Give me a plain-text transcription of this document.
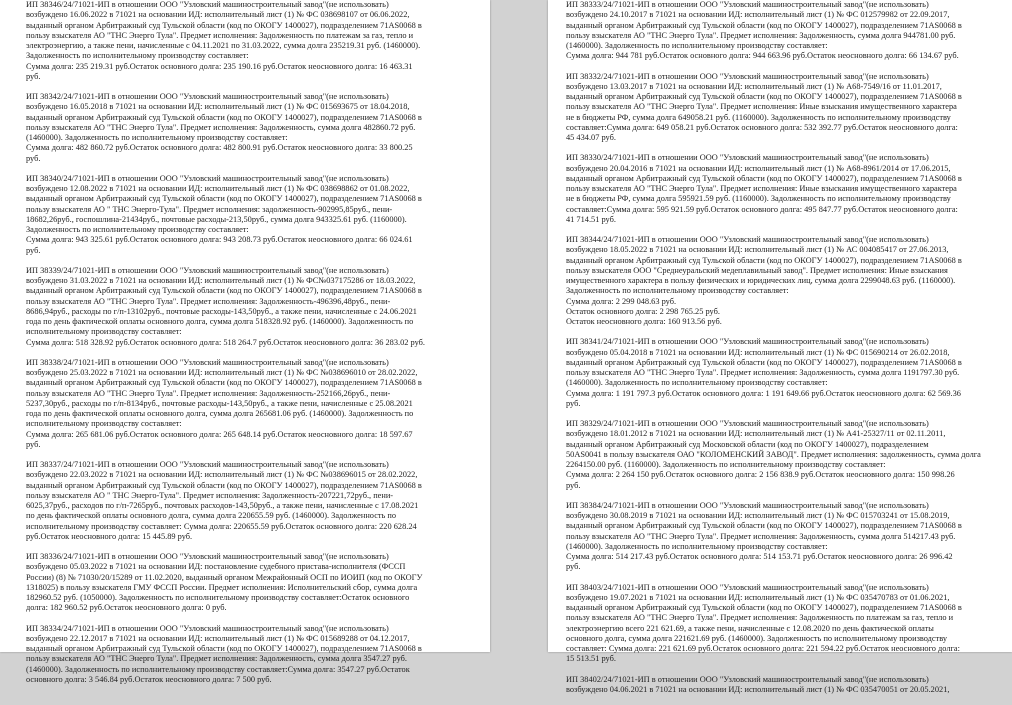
ИП 38346/24/71021-ИП в отношении ООО "Узловский машиностроительный завод"(не использовать)
возбуждено 16.06.2022 в 71021 на основании ИД: исполнительный лист (1) № ФС 038698107 от 06.06.2022,
выданный органом Арбитражный суд Тульской области (код по ОКОГУ 1400027), подразделением 71AS0068 в
пользу взыскателя АО "ТНС Энерго Тула". Предмет исполнения: Задолженность по платежам за газ, тепло и
электроэнергию, а также пени, начисленные с 04.11.2021 по 31.03.2022, сумма долга 235219.31 руб. (1460000).
Задолженность по исполнительному производству составляет:
Сумма долга: 235 219.31 руб.Остаток основного долга: 235 190.16 руб.Остаток неосновного долга: 16 463.31
руб.
ИП 38342/24/71021-ИП в отношении ООО "Узловский машиностроительный завод"(не использовать)
возбуждено 16.05.2018 в 71021 на основании ИД: исполнительный лист (1) № ФС 015693675 от 18.04.2018,
выданный органом Арбитражный суд Тульской области (код по ОКОГУ 1400027), подразделением 71AS0068 в
пользу взыскателя АО "ТНС Энерго Тула". Предмет исполнения: Задолженность, сумма долга 482860.72 руб.
(1460000). Задолженность по исполнительному производству составляет:
Сумма долга: 482 860.72 руб.Остаток основного долга: 482 800.91 руб.Остаток неосновного долга: 33 800.25
руб.
ИП 38340/24/71021-ИП в отношении ООО "Узловский машиностроительный завод"(не использовать)
возбуждено 12.08.2022 в 71021 на основании ИД: исполнительный лист (1) № ФС 038698862 от 01.08.2022,
выданный органом Арбитражный суд Тульской области (код по ОКОГУ 1400027), подразделением 71AS0068 в
пользу взыскателя АО " ТНС Энерго-Тула". Предмет исполнения: задолженность-902995,85руб., пени-
18682,26руб., госпошлина-21434руб., почтовые расходы-213,50руб., сумма долга 943325.61 руб. (1160000).
Задолженность по исполнительному производству составляет:
Сумма долга: 943 325.61 руб.Остаток основного долга: 943 208.73 руб.Остаток неосновного долга: 66 024.61
руб.
ИП 38339/24/71021-ИП в отношении ООО "Узловский машиностроительный завод"(не использовать)
возбуждено 31.03.2022 в 71021 на основании ИД: исполнительный лист (1) № ФС№037175286 от 18.03.2022,
выданный органом Арбитражный суд Тульской области (код по ОКОГУ 1400027), подразделением 71AS0068 в
пользу взыскателя АО "ТНС Энерго Тула". Предмет исполнения: Задолженность-496396,48руб., пени-
8686,94руб., расходы по г/п-13102руб., почтовые расходы-143,50руб., а также пени, начисленные с 24.06.2021
года по день фактической оплаты основного долга, сумма долга 518328.92 руб. (1460000). Задолженность по
исполнительному производству составляет:
Сумма долга: 518 328.92 руб.Остаток основного долга: 518 264.7 руб.Остаток неосновного долга: 36 283.02 руб.
ИП 38338/24/71021-ИП в отношении ООО "Узловский машиностроительный завод"(не использовать)
возбуждено 25.03.2022 в 71021 на основании ИД: исполнительный лист (1) № ФС №038696010 от 28.02.2022,
выданный органом Арбитражный суд Тульской области (код по ОКОГУ 1400027), подразделением 71AS0068 в
пользу взыскателя АО "ТНС Энерго Тула". Предмет исполнения: Задолженность-252166,26руб., пени-
5237,30руб., расходы по г/п-8134руб., почтовые расходы-143,50руб., а также пени, начисленные с 25.08.2021
года по день фактической оплаты основного долга, сумма долга 265681.06 руб. (1460000). Задолженность по
исполнительному производству составляет:
Сумма долга: 265 681.06 руб.Остаток основного долга: 265 648.14 руб.Остаток неосновного долга: 18 597.67
руб.
ИП 38337/24/71021-ИП в отношении ООО "Узловский машиностроительный завод"(не использовать)
возбуждено 22.03.2022 в 71021 на основании ИД: исполнительный лист (1) № ФС №038696015 от 28.02.2022,
выданный органом Арбитражный суд Тульской области (код по ОКОГУ 1400027), подразделением 71AS0068 в
пользу взыскателя АО " ТНС Энерго-Тула". Предмет исполнения: Задолженность-207221,72руб., пени-
6025,37руб., расходов по г/п-7265руб., почтовых расходов-143,50руб., а также пени, начисленные с 17.08.2021
по день фактической оплаты основного долга, сумма долга 220655.59 руб. (1460000). Задолженность по
исполнительному производству составляет: Сумма долга: 220655.59 руб.Остаток основного долга: 220 628.24
руб.Остаток неосновного долга: 15 445.89 руб.
ИП 38336/24/71021-ИП в отношении ООО "Узловский машиностроительный завод"(не использовать)
возбуждено 05.03.2022 в 71021 на основании ИД: постановление судебного пристава-исполнителя (ФССП
России) (8) № 71030/20/15289 от 11.02.2020, выданный органом Межрайонный ОСП по ИОИП (код по ОКОГУ
1318025) в пользу взыскателя ГМУ ФССП России. Предмет исполнения: Исполнительский сбор, сумма долга
182960.52 руб. (1050000). Задолженность по исполнительному производству составляет:Остаток основного
долга: 182 960.52 руб.Остаток неосновного долга: 0 руб.
ИП 38334/24/71021-ИП в отношении ООО "Узловский машиностроительный завод"(не использовать)
возбуждено 22.12.2017 в 71021 на основании ИД: исполнительный лист (1) № ФС 015689288 от 04.12.2017,
выданный органом Арбитражный суд Тульской области (код по ОКОГУ 1400027), подразделением 71AS0068 в
пользу взыскателя АО "ТНС Энерго Тула". Предмет исполнения: Задолженность, сумма долга 3547.27 руб.
(1460000). Задолженность по исполнительному производству составляет:Сумма долга: 3547.27 руб.Остаток
основного долга: 3 546.84 руб.Остаток неосновного долга: 7 500 руб.
ИП 38333/24/71021-ИП в отношении ООО "Узловский машиностроительный завод"(не использовать)
возбуждено 24.10.2017 в 71021 на основании ИД: исполнительный лист (1) № ФС 012579982 от 22.09.2017,
выданный органом Арбитражный суд Тульской области (код по ОКОГУ 1400027), подразделением 71AS0068 в
пользу взыскателя АО "ТНС Энерго Тула". Предмет исполнения: Задолженность, сумма долга 944781.00 руб.
(1460000). Задолженность по исполнительному производству составляет:
Сумма долга: 944 781 руб.Остаток основного долга: 944 663.96 руб.Остаток неосновного долга: 66 134.67 руб.
ИП 38332/24/71021-ИП в отношении ООО "Узловский машиностроительный завод"(не использовать)
возбуждено 13.03.2017 в 71021 на основании ИД: исполнительный лист (1) № А68-7549/16 от 11.01.2017,
выданный органом Арбитражный суд Тульской области (код по ОКОГУ 1400027), подразделением 71AS0068 в
пользу взыскателя АО "ТНС Энерго Тула". Предмет исполнения: Иные взыскания имущественного характера
не в бюджеты РФ, сумма долга 649058.21 руб. (1160000). Задолженность по исполнительному производству
составляет:Сумма долга: 649 058.21 руб.Остаток основного долга: 532 392.77 руб.Остаток неосновного долга:
45 434.07 руб.
ИП 38330/24/71021-ИП в отношении ООО "Узловский машиностроительный завод"(не использовать)
возбуждено 20.04.2016 в 71021 на основании ИД: исполнительный лист (1) № А68-8961/2014 от 17.06.2015,
выданный органом Арбитражный суд Тульской области (код по ОКОГУ 1400027), подразделением 71AS0068 в
пользу взыскателя АО "ТНС Энерго Тула". Предмет исполнения: Иные взыскания имущественного характера
не в бюджеты РФ, сумма долга 595921.59 руб. (1160000). Задолженность по исполнительному производству
составляет:Сумма долга: 595 921.59 руб.Остаток основного долга: 495 847.77 руб.Остаток неосновного долга:
41 714.51 руб.
ИП 38344/24/71021-ИП в отношении ООО "Узловский машиностроительный завод"(не использовать)
возбуждено 18.05.2022 в 71021 на основании ИД: исполнительный лист (1) № АС 004085417 от 27.06.2013,
выданный органом Арбитражный суд Тульской области (код по ОКОГУ 1400027), подразделением 71AS0068 в
пользу взыскателя ООО "Среднеуральский медеплавильный завод". Предмет исполнения: Иные взыскания
имущественного характера в пользу физических и юридических лиц, сумма долга 2299048.63 руб. (1160000).
Задолженность по исполнительному производству составляет:
Сумма долга: 2 299 048.63 руб.
Остаток основного долга: 2 298 765.25 руб.
Остаток неосновного долга: 160 913.56 руб.
ИП 38341/24/71021-ИП в отношении ООО "Узловский машиностроительный завод"(не использовать)
возбуждено 05.04.2018 в 71021 на основании ИД: исполнительный лист (1) № ФС 015690214 от 26.02.2018,
выданный органом Арбитражный суд Тульской области (код по ОКОГУ 1400027), подразделением 71AS0068 в
пользу взыскателя АО "ТНС Энерго Тула". Предмет исполнения: Задолженность, сумма долга 1191797.30 руб.
(1460000). Задолженность по исполнительному производству составляет:
Сумма долга: 1 191 797.3 руб.Остаток основного долга: 1 191 649.66 руб.Остаток неосновного долга: 62 569.36
руб.
ИП 38329/24/71021-ИП в отношении ООО "Узловский машиностроительный завод"(не использовать)
возбуждено 18.01.2012 в 71021 на основании ИД: исполнительный лист (1) № А41-25327/11 от 02.11.2011,
выданный органом Арбитражный суд Московской области (код по ОКОГУ 1400027), подразделением
50AS0041 в пользу взыскателя ОАО "КОЛОМЕНСКИЙ ЗАВОД". Предмет исполнения: задолженность, сумма долга
2264150.00 руб. (1160000). Задолженность по исполнительному производству составляет:
Сумма долга: 2 264 150 руб.Остаток основного долга: 2 156 838.9 руб.Остаток неосновного долга: 150 998.26
руб.
ИП 38384/24/71021-ИП в отношении ООО "Узловский машиностроительный завод"(не использовать)
возбуждено 30.08.2019 в 71021 на основании ИД: исполнительный лист (1) № ФС 015703241 от 15.08.2019,
выданный органом Арбитражный суд Тульской области (код по ОКОГУ 1400027), подразделением 71AS0068 в
пользу взыскателя АО "ТНС Энерго Тула". Предмет исполнения: Задолженность, сумма долга 514217.43 руб.
(1460000). Задолженность по исполнительному производству составляет:
Сумма долга: 514 217.43 руб.Остаток основного долга: 514 153.71 руб.Остаток неосновного долга: 26 996.42
руб.
ИП 38403/24/71021-ИП в отношении ООО "Узловский машиностроительный завод"(не использовать)
возбуждено 19.07.2021 в 71021 на основании ИД: исполнительный лист (1) № ФС 035470783 от 01.06.2021,
выданный органом Арбитражный суд Тульской области (код по ОКОГУ 1400027), подразделением 71AS0068 в
пользу взыскателя АО "ТНС Энерго Тула". Предмет исполнения: Задолженность по платежам за газ, тепло и
электроэнергию всего 221 621.69, а также пени, начисленные с 12.08.2020 по день фактической оплаты
основного долга, сумма долга 221621.69 руб. (1460000). Задолженность по исполнительному производству
составляет: Сумма долга: 221 621.69 руб.Остаток основного долга: 221 594.22 руб.Остаток неосновного долга:
15 513.51 руб.
ИП 38402/24/71021-ИП в отношении ООО "Узловский машиностроительный завод"(не использовать)
возбуждено 04.06.2021 в 71021 на основании ИД: исполнительный лист (1) № ФС 035470051 от 20.05.2021,
